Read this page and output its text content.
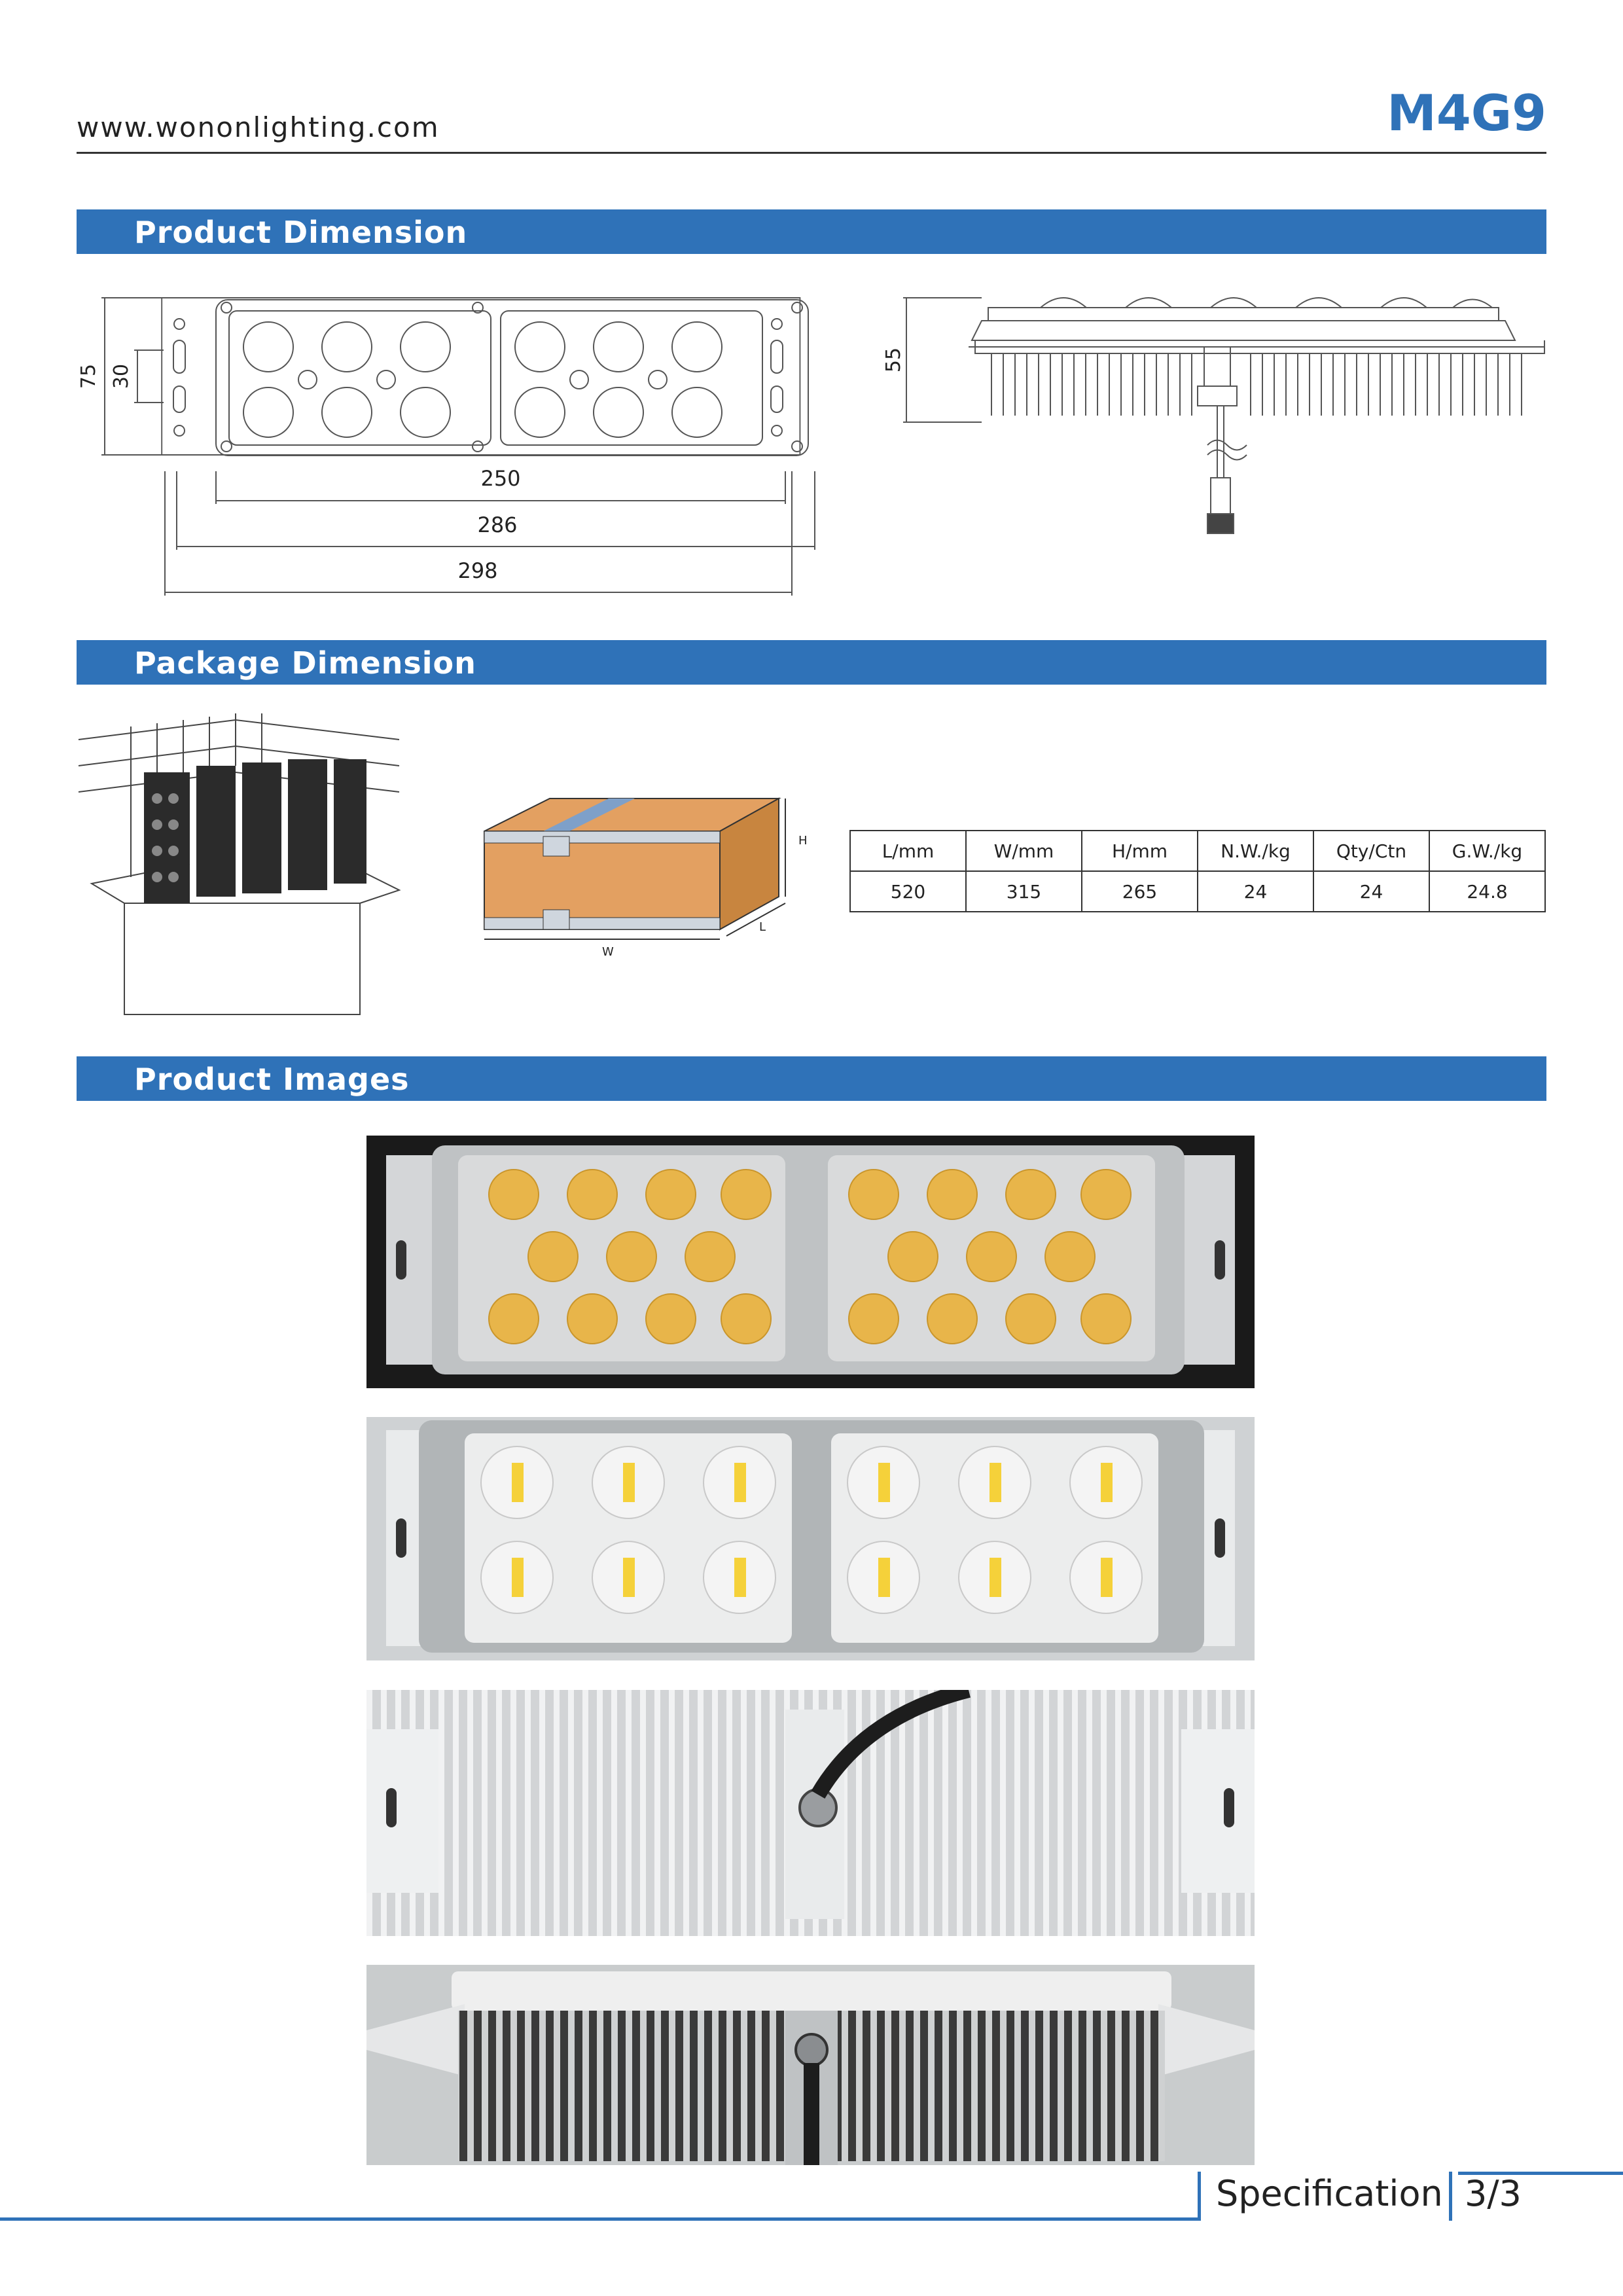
www.wononlighting.com	M4G9
Product Dimension
75 30
250
286
298
55
Package Dimension
H
W
L
L/mm	W/mm	H/mm	N.W./kg	Qty/Ctn	G.W./kg
520	315	265	24	24	24.8
Product Images
Specification 3/3
